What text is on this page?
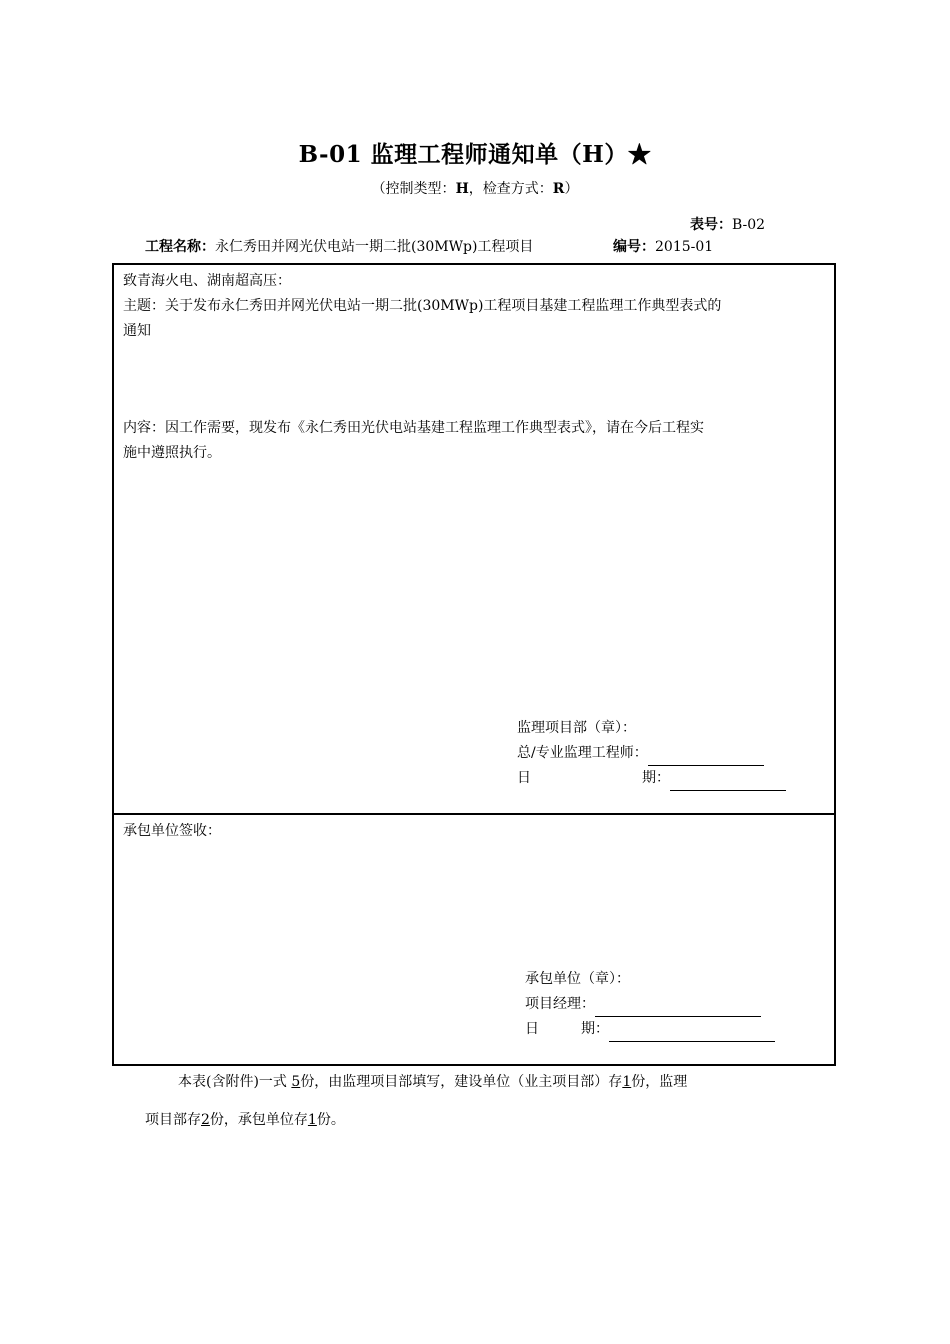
B-01 监理工程师通知单（H）★
（控制类型：H，检查方式：R）
表号：B-02
工程名称：永仁秀田并网光伏电站一期二批(30MWp)工程项目	编号：2015-01
致青海火电、湖南超高压：
主题：关于发布永仁秀田并网光伏电站一期二批(30MWp)工程项目基建工程监理工作典型表式的
通知
内容：因工作需要，现发布《永仁秀田光伏电站基建工程监理工作典型表式》，请在今后工程实
施中遵照执行。
监理项目部（章）：
总/专业监理工程师：
日	期：
承包单位签收：
承包单位（章）：
项目经理：
日	期：
本表(含附件)一式 5份，由监理项目部填写，建设单位（业主项目部）存1份，监理
项目部存2份，承包单位存1份。
